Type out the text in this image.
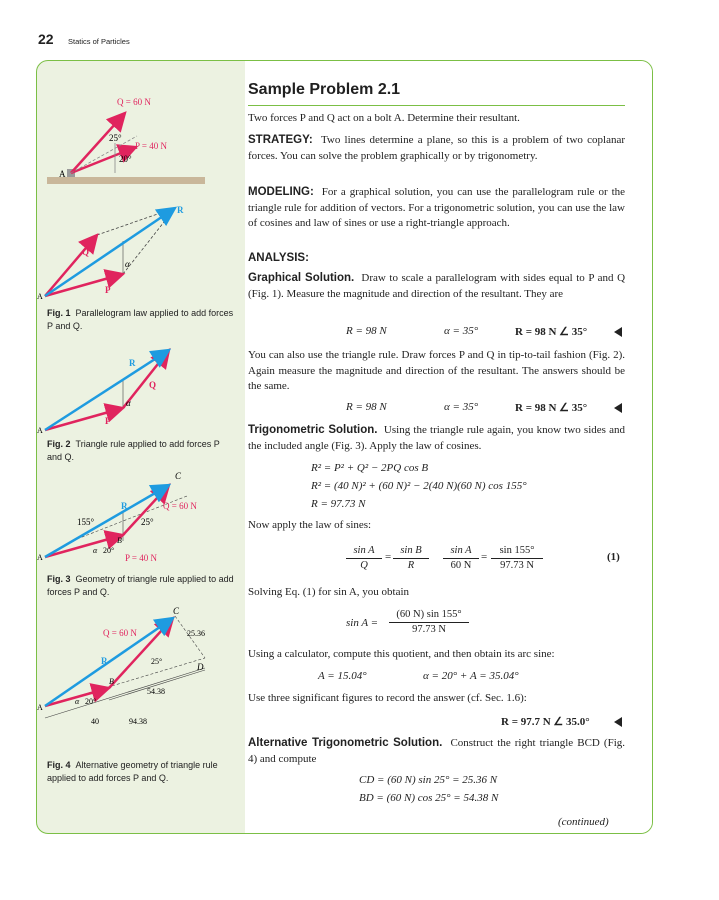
22 Statics of Particles
Q = 60 N
P = 40 N
25°
20°
A
R
Q
P
α
A
Fig. 1 Parallelogram law applied to add forces P and Q.
R
Q
P
α
A
Fig. 2 Triangle rule applied to add forces P and Q.
C
R	Q = 60 N
P = 40 N
155°	25°
B
α 20°
A
Fig. 3 Geometry of triangle rule applied to add forces P and Q.
C
Q = 60 N	25.36
R	25°
D
B
α 20°
54.38
A
40	94.38
Fig. 4 Alternative geometry of triangle rule applied to add forces P and Q.
Sample Problem 2.1

Two forces P and Q act on a bolt A. Determine their resultant.

STRATEGY: Two lines determine a plane, so this is a problem of two coplanar forces. You can solve the problem graphically or by trigonometry.

MODELING: For a graphical solution, you can use the parallelogram rule or the triangle rule for addition of vectors. For a trigonometric solution, you can use the law of cosines and law of sines or use a right-triangle approach.

ANALYSIS:

Graphical Solution. Draw to scale a parallelogram with sides equal to P and Q (Fig. 1). Measure the magnitude and direction of the resultant. They are

R = 98 N	α = 35°	R = 98 N ∠ 35°

You can also use the triangle rule. Draw forces P and Q in tip-to-tail fashion (Fig. 2). Again measure the magnitude and direction of the resultant. The answers should be the same.

R = 98 N	α = 35°	R = 98 N ∠ 35°

Trigonometric Solution. Using the triangle rule again, you know two sides and the included angle (Fig. 3). Apply the law of cosines.

R² = P² + Q² − 2PQ cos B
R² = (40 N)² + (60 N)² − 2(40 N)(60 N) cos 155°
R = 97.73 N
Now apply the law of sines:
$\frac{\text{sin A}}{Q} = \frac{\text{sin B}}{R} \frac{\text{sin A}}{60 N} = \frac{\sin 155^\circ}{97.73 N}$	(1)
Solving Eq. (1) for sin A, you obtain
$\sin A = \frac{(60 N) \sin 155^\circ}{97.73 N}$
Using a calculator, compute this quotient, and then obtain its arc sine:
A = 15.04°	α = 20° + A = 35.04°
Use three significant figures to record the answer (cf. Sec. 1.6):
R = 97.7 N ∠ 35.0°

Alternative Trigonometric Solution. Construct the right triangle BCD (Fig. 4) and compute

CD = (60 N) sin 25° = 25.36 N
BD = (60 N) cos 25° = 54.38 N
(continued)
